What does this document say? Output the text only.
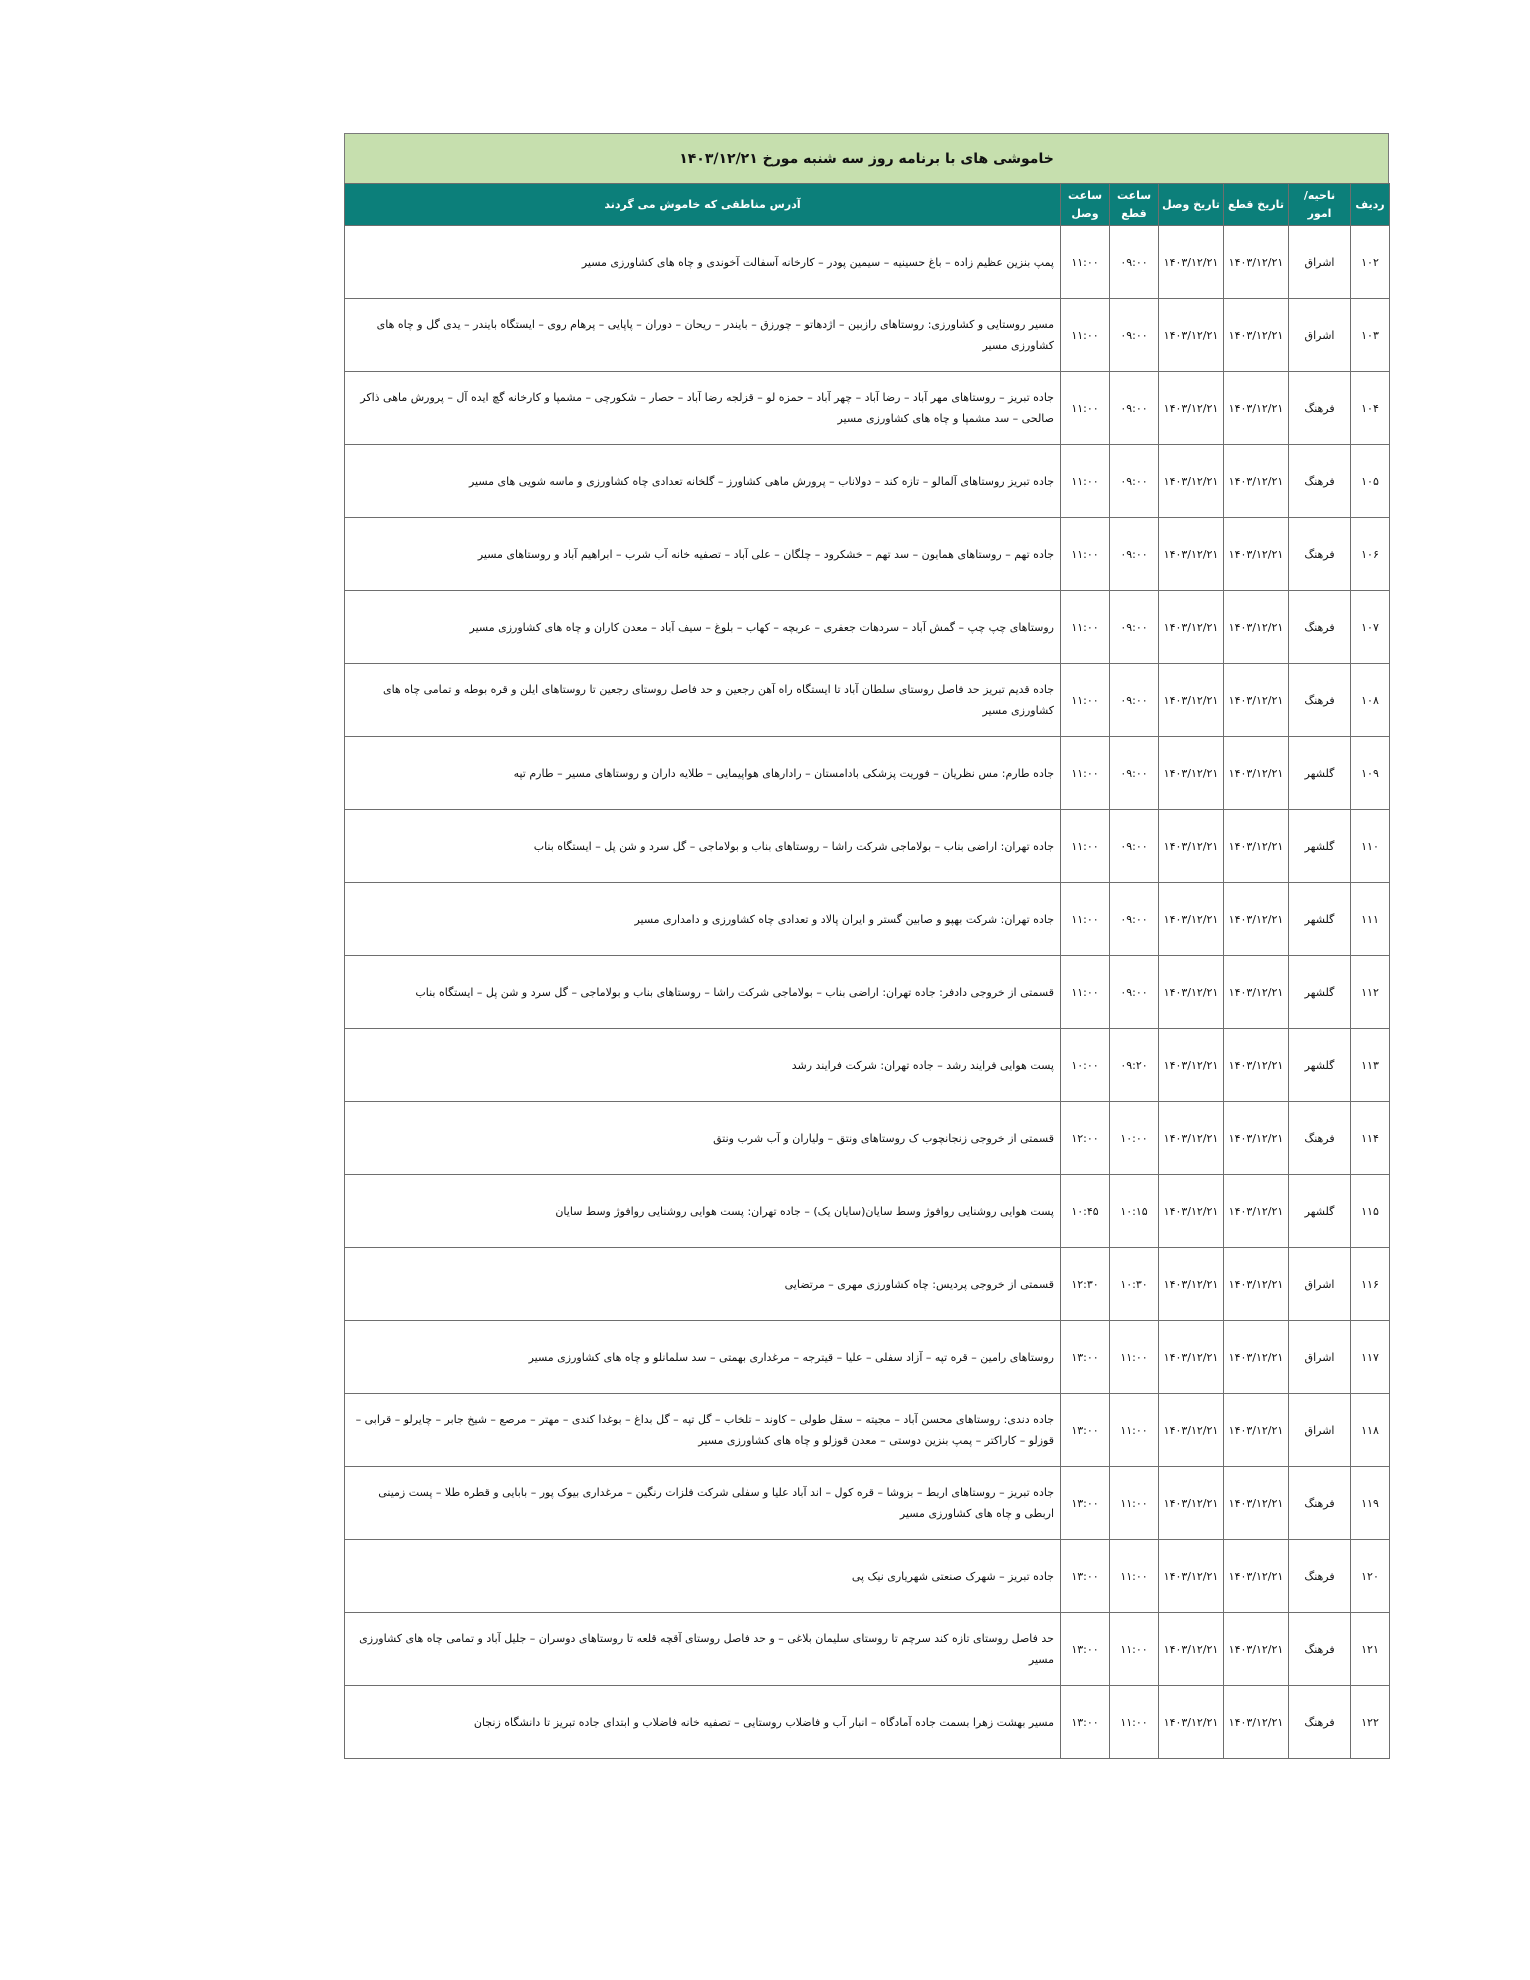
خاموشی های با برنامه روز سه شنبه مورخ ۱۴۰۳/۱۲/۲۱
ردیف	ناحیه/امور	تاریخ قطع	تاریخ وصل	ساعت قطع	ساعت وصل	آدرس مناطقی که خاموش می گردند
۱۰۲	اشراق	۱۴۰۳/۱۲/۲۱	۱۴۰۳/۱۲/۲۱	۰۹:۰۰	۱۱:۰۰	پمپ بنزین عظیم زاده – باغ حسینیه – سیمین پودر – کارخانه آسفالت آخوندی و چاه های کشاورزی مسیر
۱۰۳	اشراق	۱۴۰۳/۱۲/۲۱	۱۴۰۳/۱۲/۲۱	۰۹:۰۰	۱۱:۰۰	مسیر روستایی و کشاورزی: روستاهای رازبین – اژدهاتو – چورزق – بایندر – ریحان – دوران – پاپایی – پرهام روی – ایستگاه بایندر – یدی گل و چاه های کشاورزی مسیر
۱۰۴	فرهنگ	۱۴۰۳/۱۲/۲۱	۱۴۰۳/۱۲/۲۱	۰۹:۰۰	۱۱:۰۰	جاده تبریز – روستاهای مهر آباد – رضا آباد – چهر آباد – حمزه لو – قزلجه رضا آباد – حصار – شکورچی – مشمپا و کارخانه گچ ایده آل – پرورش ماهی ذاکر صالحی – سد مشمپا و چاه های کشاورزی مسیر
۱۰۵	فرهنگ	۱۴۰۳/۱۲/۲۱	۱۴۰۳/۱۲/۲۱	۰۹:۰۰	۱۱:۰۰	جاده تبریز روستاهای آلمالو – تازه کند – دولاناب – پرورش ماهی کشاورز – گلخانه تعدادی چاه کشاورزی و ماسه شویی های مسیر
۱۰۶	فرهنگ	۱۴۰۳/۱۲/۲۱	۱۴۰۳/۱۲/۲۱	۰۹:۰۰	۱۱:۰۰	جاده تهم – روستاهای همایون – سد تهم – خشکرود – چلگان – علی آباد – تصفیه خانه آب شرب – ابراهیم آباد و روستاهای مسیر
۱۰۷	فرهنگ	۱۴۰۳/۱۲/۲۱	۱۴۰۳/۱۲/۲۱	۰۹:۰۰	۱۱:۰۰	روستاهای چپ چپ – گمش آباد – سردهات جعفری – عربچه – کهاب – بلوغ – سیف آباد – معدن کاران و چاه های کشاورزی مسیر
۱۰۸	فرهنگ	۱۴۰۳/۱۲/۲۱	۱۴۰۳/۱۲/۲۱	۰۹:۰۰	۱۱:۰۰	جاده قدیم تبریز حد فاصل روستای سلطان آباد تا ایستگاه راه آهن رجعین و حد فاصل روستای رجعین تا روستاهای ایلن و قره بوطه و تمامی چاه های کشاورزی مسیر
۱۰۹	گلشهر	۱۴۰۳/۱۲/۲۱	۱۴۰۳/۱۲/۲۱	۰۹:۰۰	۱۱:۰۰	جاده طارم: مس نظریان – فوریت پزشکی بادامستان – رادارهای هواپیمایی – طلایه داران و روستاهای مسیر – طارم تپه
۱۱۰	گلشهر	۱۴۰۳/۱۲/۲۱	۱۴۰۳/۱۲/۲۱	۰۹:۰۰	۱۱:۰۰	جاده تهران: اراضی بناب – بولاماجی شرکت راشا – روستاهای بناب و بولاماجی – گل سرد و شن پل – ایستگاه بناب
۱۱۱	گلشهر	۱۴۰۳/۱۲/۲۱	۱۴۰۳/۱۲/۲۱	۰۹:۰۰	۱۱:۰۰	جاده تهران: شرکت بهپو و صابین گستر و ایران پالاد و تعدادی چاه کشاورزی و دامداری مسیر
۱۱۲	گلشهر	۱۴۰۳/۱۲/۲۱	۱۴۰۳/۱۲/۲۱	۰۹:۰۰	۱۱:۰۰	قسمتی از خروجی دادفر: جاده تهران: اراضی بناب – بولاماجی شرکت راشا – روستاهای بناب و بولاماجی – گل سرد و شن پل – ایستگاه بناب
۱۱۳	گلشهر	۱۴۰۳/۱۲/۲۱	۱۴۰۳/۱۲/۲۱	۰۹:۲۰	۱۰:۰۰	پست هوایی فرایند رشد – جاده تهران: شرکت فرایند رشد
۱۱۴	فرهنگ	۱۴۰۳/۱۲/۲۱	۱۴۰۳/۱۲/۲۱	۱۰:۰۰	۱۲:۰۰	قسمتی از خروجی زنجانچوب ک روستاهای ونتق – ولیاران و آب شرب ونتق
۱۱۵	گلشهر	۱۴۰۳/۱۲/۲۱	۱۴۰۳/۱۲/۲۱	۱۰:۱۵	۱۰:۴۵	پست هوایی روشنایی روافوژ وسط سایان(سایان یک) – جاده تهران: پست هوایی روشنایی روافوژ وسط سایان
۱۱۶	اشراق	۱۴۰۳/۱۲/۲۱	۱۴۰۳/۱۲/۲۱	۱۰:۳۰	۱۲:۳۰	قسمتی از خروجی پردیس: چاه کشاورزی مهری – مرتضایی
۱۱۷	اشراق	۱۴۰۳/۱۲/۲۱	۱۴۰۳/۱۲/۲۱	۱۱:۰۰	۱۳:۰۰	روستاهای رامین – قره تپه – آزاد سفلی – علیا – قیترجه – مرغداری بهمتی – سد سلمانلو و چاه های کشاورزی مسیر
۱۱۸	اشراق	۱۴۰۳/۱۲/۲۱	۱۴۰۳/۱۲/۲۱	۱۱:۰۰	۱۳:۰۰	جاده دندی: روستاهای محسن آباد – مجیته – سقل طولی – کاوند – تلخاب – گل تپه – گل بداغ – بوغدا کندی – مهتر – مرصع – شیخ جابر – چایرلو – قرابی – قوزلو – کاراکتر – پمپ بنزین دوستی – معدن قوزلو و چاه های کشاورزی مسیر
۱۱۹	فرهنگ	۱۴۰۳/۱۲/۲۱	۱۴۰۳/۱۲/۲۱	۱۱:۰۰	۱۳:۰۰	جاده تبریز – روستاهای اربط – بزوشا – قره کول – اند آباد علیا و سفلی شرکت فلزات رنگین – مرغداری بیوک پور – بابایی و قطره طلا – پست زمینی اربطی و چاه های کشاورزی مسیر
۱۲۰	فرهنگ	۱۴۰۳/۱۲/۲۱	۱۴۰۳/۱۲/۲۱	۱۱:۰۰	۱۳:۰۰	جاده تبریز – شهرک صنعتی شهریاری نیک پی
۱۲۱	فرهنگ	۱۴۰۳/۱۲/۲۱	۱۴۰۳/۱۲/۲۱	۱۱:۰۰	۱۳:۰۰	حد فاصل روستای تازه کند سرچم تا روستای سلیمان بلاغی – و حد فاصل روستای آقچه قلعه تا روستاهای دوسران – جلیل آباد و تمامی چاه های کشاورزی مسیر
۱۲۲	فرهنگ	۱۴۰۳/۱۲/۲۱	۱۴۰۳/۱۲/۲۱	۱۱:۰۰	۱۳:۰۰	مسیر بهشت زهرا بسمت جاده آمادگاه – انبار آب و فاضلاب روستایی – تصفیه خانه فاضلاب و ابتدای جاده تبریز تا دانشگاه زنجان
